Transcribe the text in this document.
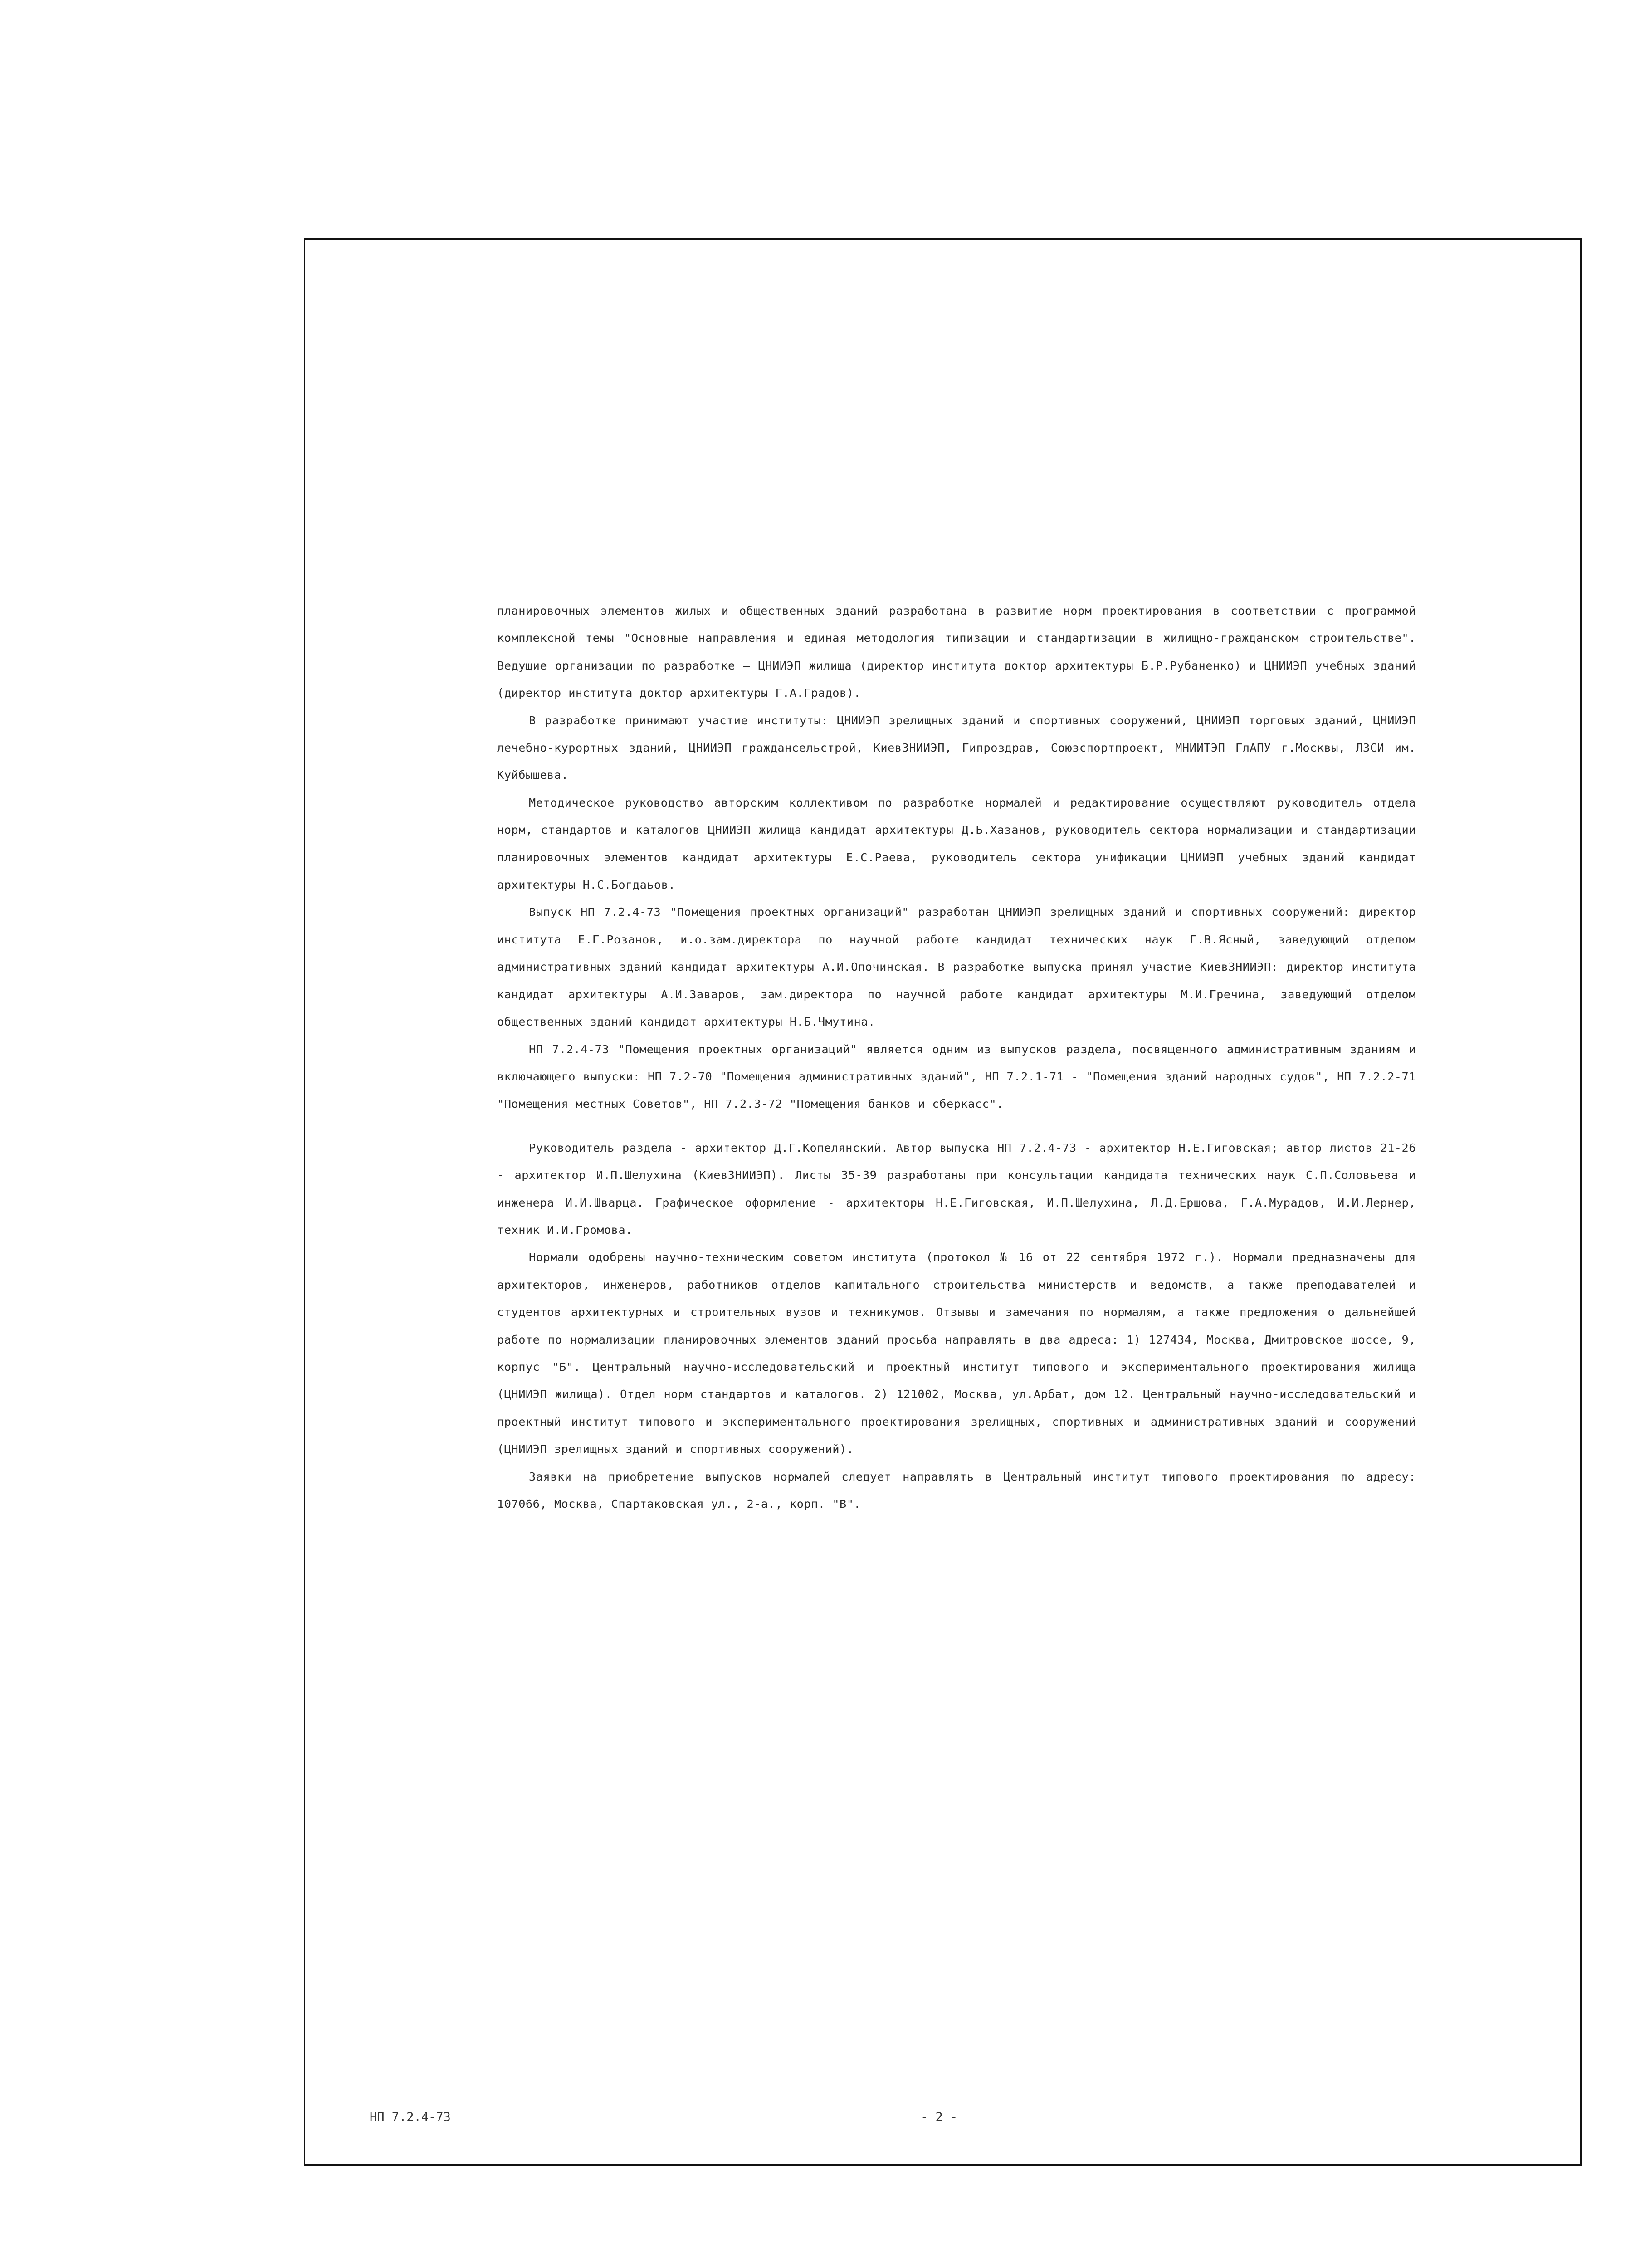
планировочных элементов жилых и общественных зданий разработана в развитие норм проектирования в соответствии с программой комплексной темы "Основные направления и единая методология типизации и стандартизации в жилищно-гражданском строительстве". Ведущие организации по разработке – ЦНИИЭП жилища (директор института доктор архитектуры Б.Р.Рубаненко) и ЦНИИЭП учебных зданий (директор института доктор архитектуры Г.А.Градов).

В разработке принимают участие институты: ЦНИИЭП зрелищных зданий и спортивных сооружений, ЦНИИЭП торговых зданий, ЦНИИЭП лечебно-курортных зданий, ЦНИИЭП граждансельстрой, КиевЗНИИЭП, Гипроздрав, Союзспортпроект, МНИИТЭП ГлАПУ г.Москвы, ЛЗСИ им. Куйбышева.

Методическое руководство авторским коллективом по разработке нормалей и редактирование осуществляют руководитель отдела норм, стандартов и каталогов ЦНИИЭП жилища кандидат архитектуры Д.Б.Хазанов, руководитель сектора нормализации и стандартизации планировочных элементов кандидат архитектуры Е.С.Раева, руководитель сектора унификации ЦНИИЭП учебных зданий кандидат архитектуры Н.С.Богдаьов.

Выпуск НП 7.2.4-73 "Помещения проектных организаций" разработан ЦНИИЭП зрелищных зданий и спортивных сооружений: директор института Е.Г.Розанов, и.о.зам.директора по научной работе кандидат технических наук Г.В.Ясный, заведующий отделом административных зданий кандидат архитектуры А.И.Опочинская. В разработке выпуска принял участие КиевЗНИИЭП: директор института кандидат архитектуры А.И.Заваров, зам.директора по научной работе кандидат архитектуры М.И.Гречина, заведующий отделом общественных зданий кандидат архитектуры Н.Б.Чмутина.

НП 7.2.4-73 "Помещения проектных организаций" является одним из выпусков раздела, посвященного административным зданиям и включающего выпуски: НП 7.2-70 "Помещения административных зданий", НП 7.2.1-71 - "Помещения зданий народных судов", НП 7.2.2-71 "Помещения местных Советов", НП 7.2.3-72 "Помещения банков и сберкасс".

Руководитель раздела - архитектор Д.Г.Копелянский. Автор выпуска НП 7.2.4-73 - архитектор Н.Е.Гиговская; автор листов 21-26 - архитектор И.П.Шелухина (КиевЗНИИЭП). Листы 35-39 разработаны при консультации кандидата технических наук С.П.Соловьева и инженера И.И.Шварца. Графическое оформление - архитекторы Н.Е.Гиговская, И.П.Шелухина, Л.Д.Ершова, Г.А.Мурадов, И.И.Лернер, техник И.И.Громова.

Нормали одобрены научно-техническим советом института (протокол № 16 от 22 сентября 1972 г.). Нормали предназначены для архитекторов, инженеров, работников отделов капитального строительства министерств и ведомств, а также преподавателей и студентов архитектурных и строительных вузов и техникумов. Отзывы и замечания по нормалям, а также предложения о дальнейшей работе по нормализации планировочных элементов зданий просьба направлять в два адреса: 1) 127434, Москва, Дмитровское шоссе, 9, корпус "Б". Центральный научно-исследовательский и проектный институт типового и экспериментального проектирования жилища (ЦНИИЭП жилища). Отдел норм стандартов и каталогов. 2) 121002, Москва, ул.Арбат, дом 12. Центральный научно-исследовательский и проектный институт типового и экспериментального проектирования зрелищных, спортивных и административных зданий и сооружений (ЦНИИЭП зрелищных зданий и спортивных сооружений).

Заявки на приобретение выпусков нормалей следует направлять в Центральный институт типового проектирования по адресу: 107066, Москва, Спартаковская ул., 2-а., корп. "В".

НП 7.2.4-73	- 2 -
